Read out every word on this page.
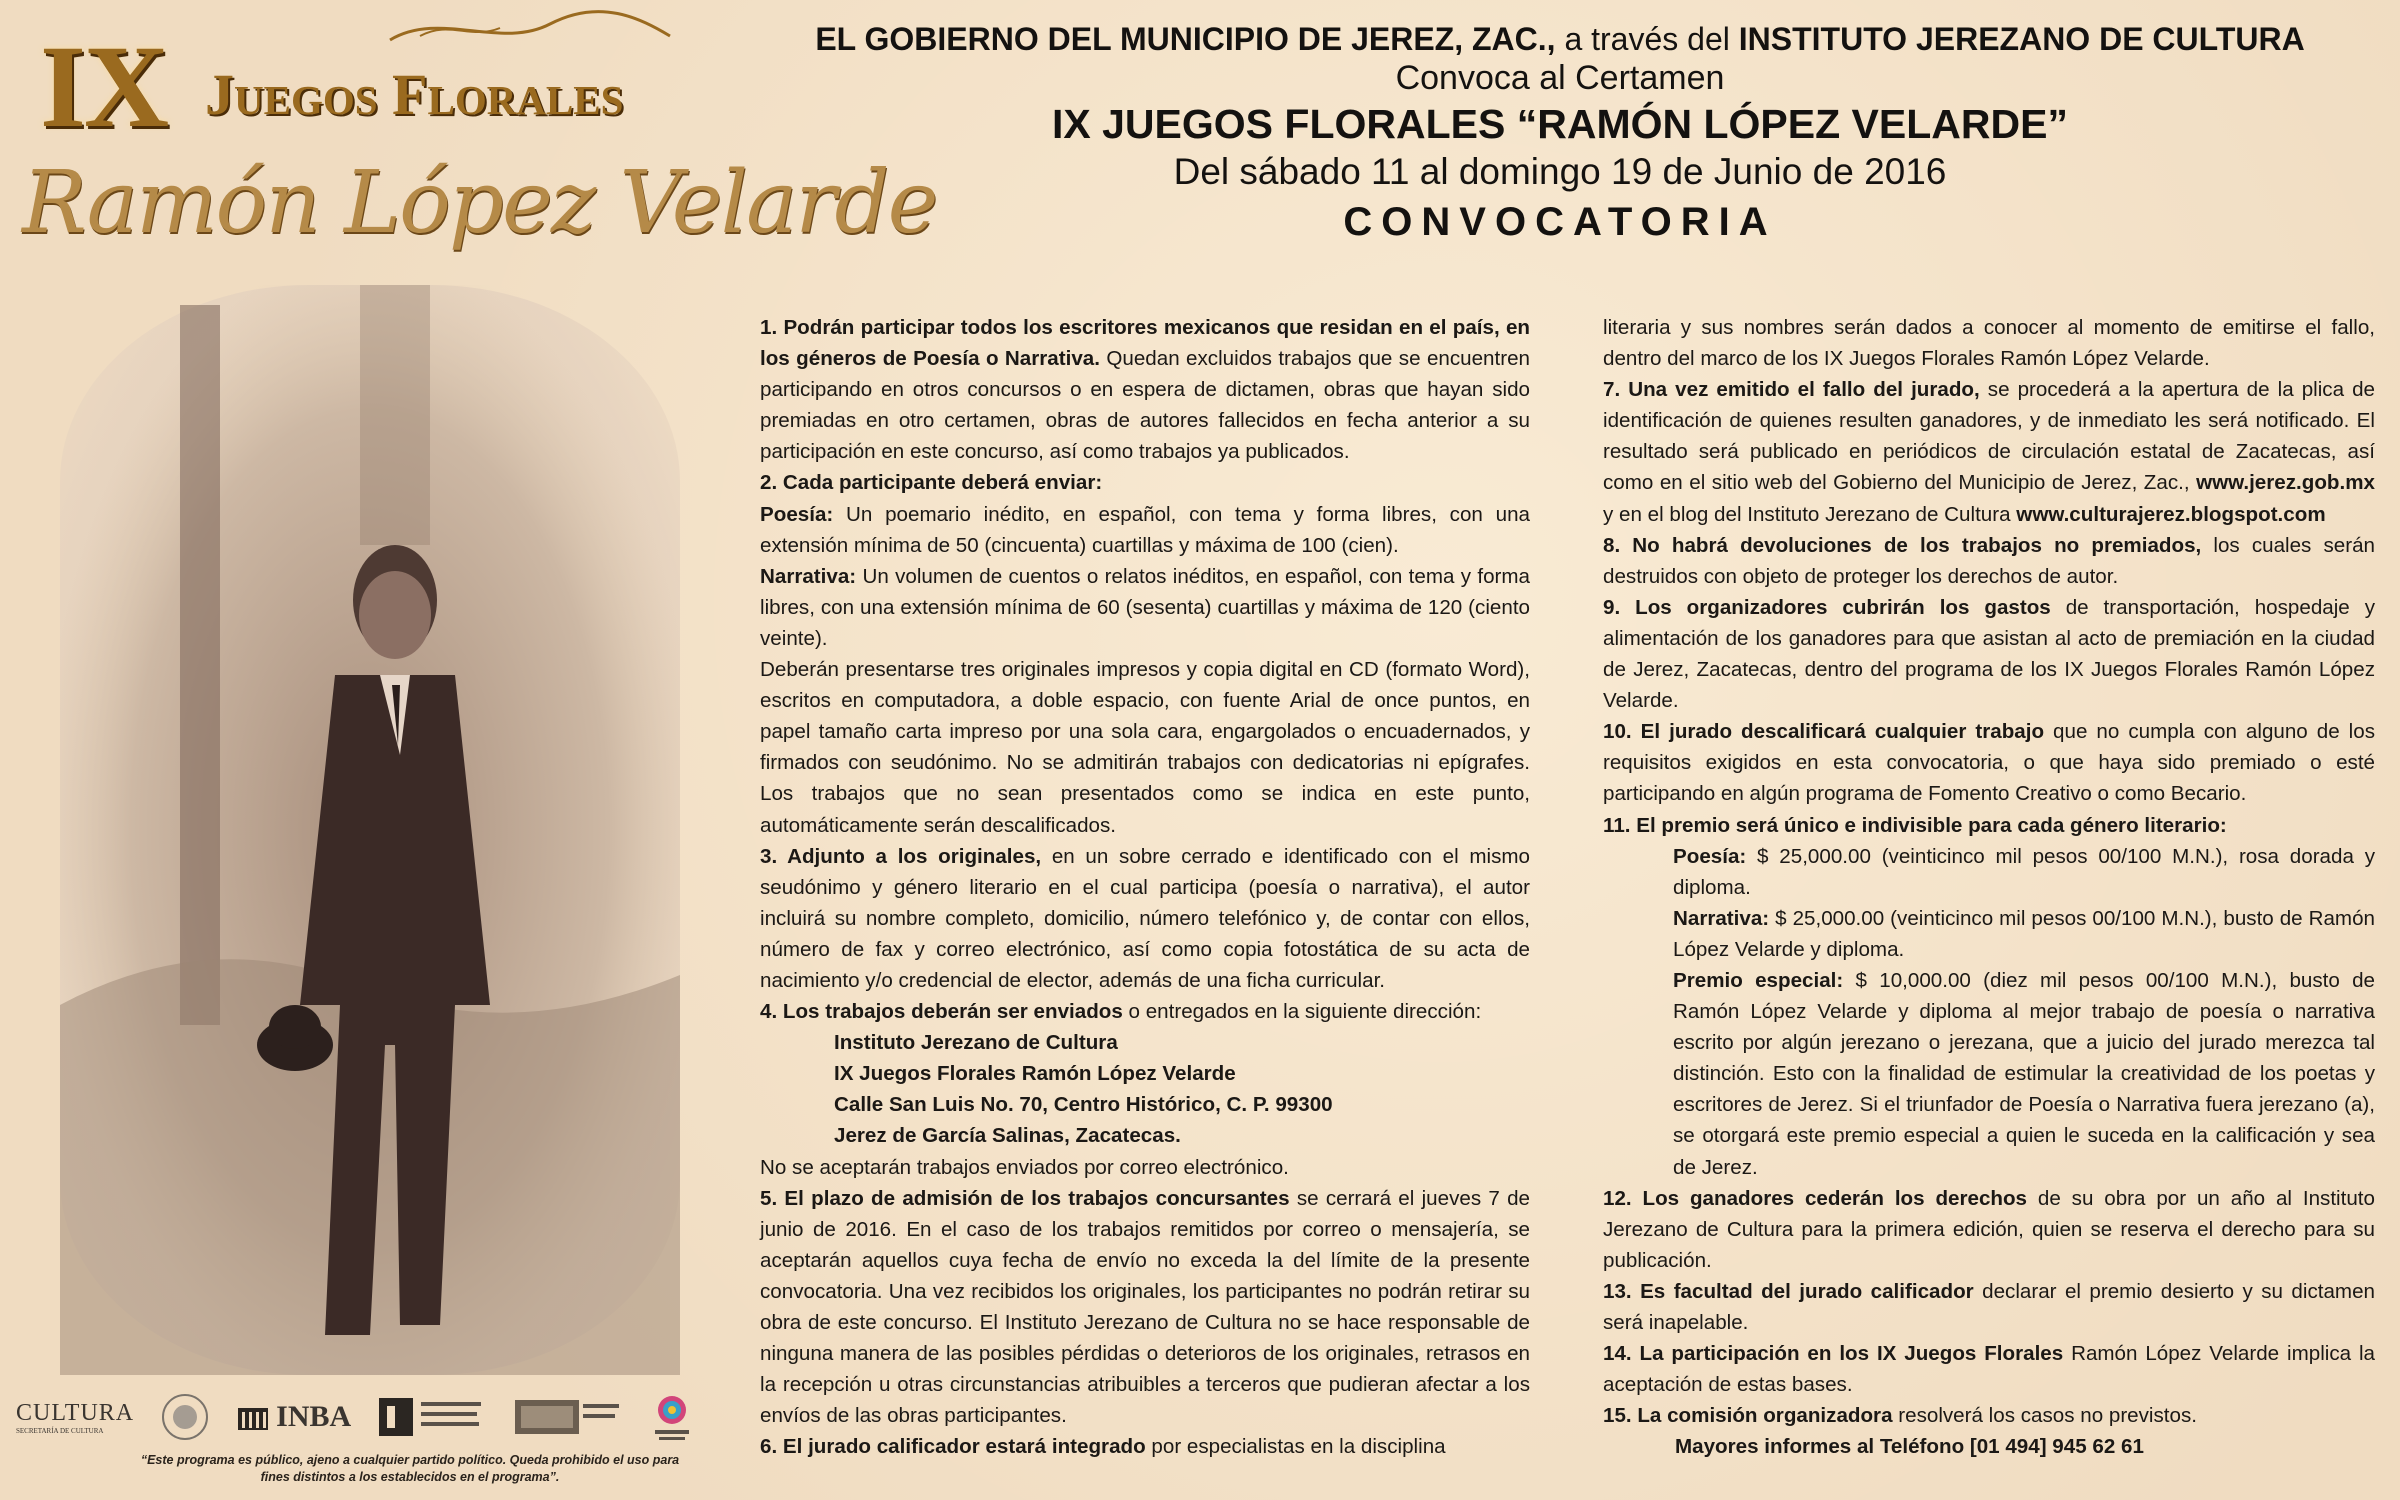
IX Juegos Florales
Ramón López Velarde
CULTURA
SECRETARÍA DE CULTURA	INBA
“Este programa es público, ajeno a cualquier partido político. Queda prohibido el uso para fines distintos a los establecidos en el programa”.
EL GOBIERNO DEL MUNICIPIO DE JEREZ, ZAC., a través del INSTITUTO JEREZANO DE CULTURA
Convoca al Certamen
IX JUEGOS FLORALES “RAMÓN LÓPEZ VELARDE”
Del sábado 11 al domingo 19 de Junio de 2016
CONVOCATORIA

1. Podrán participar todos los escritores mexicanos que residan en el país, en los géneros de Poesía o Narrativa. Quedan excluidos trabajos que se encuentren participando en otros concursos o en espera de dictamen, obras que hayan sido premiadas en otro certamen, obras de autores fallecidos en fecha anterior a su participación en este concurso, así como trabajos ya publicados.

2. Cada participante deberá enviar:

Poesía: Un poemario inédito, en español, con tema y forma libres, con una extensión mínima de 50 (cincuenta) cuartillas y máxima de 100 (cien).

Narrativa: Un volumen de cuentos o relatos inéditos, en español, con tema y forma libres, con una extensión mínima de 60 (sesenta) cuartillas y máxima de 120 (ciento veinte).

Deberán presentarse tres originales impresos y copia digital en CD (formato Word), escritos en computadora, a doble espacio, con fuente Arial de once puntos, en papel tamaño carta impreso por una sola cara, engargolados o encuadernados, y firmados con seudónimo. No se admitirán trabajos con dedicatorias ni epígrafes. Los trabajos que no sean presentados como se indica en este punto, automáticamente serán descalificados.

3. Adjunto a los originales, en un sobre cerrado e identificado con el mismo seudónimo y género literario en el cual participa (poesía o narrativa), el autor incluirá su nombre completo, domicilio, número telefónico y, de contar con ellos, número de fax y correo electrónico, así como copia fotostática de su acta de nacimiento y/o credencial de elector, además de una ficha curricular.

4. Los trabajos deberán ser enviados o entregados en la siguiente dirección:

Instituto Jerezano de Cultura

IX Juegos Florales Ramón López Velarde

Calle San Luis No. 70, Centro Histórico, C. P. 99300

Jerez de García Salinas, Zacatecas.

No se aceptarán trabajos enviados por correo electrónico.

5. El plazo de admisión de los trabajos concursantes se cerrará el jueves 7 de junio de 2016. En el caso de los trabajos remitidos por correo o mensajería, se aceptarán aquellos cuya fecha de envío no exceda la del límite de la presente convocatoria. Una vez recibidos los originales, los participantes no podrán retirar su obra de este concurso. El Instituto Jerezano de Cultura no se hace responsable de ninguna manera de las posibles pérdidas o deterioros de los originales, retrasos en la recepción u otras circunstancias atribuibles a terceros que pudieran afectar a los envíos de las obras participantes.

6. El jurado calificador estará integrado por especialistas en la disciplina

literaria y sus nombres serán dados a conocer al momento de emitirse el fallo, dentro del marco de los IX Juegos Florales Ramón López Velarde.

7. Una vez emitido el fallo del jurado, se procederá a la apertura de la plica de identificación de quienes resulten ganadores, y de inmediato les será notificado. El resultado será publicado en periódicos de circulación estatal de Zacatecas, así como en el sitio web del Gobierno del Municipio de Jerez, Zac., www.jerez.gob.mx y en el blog del Instituto Jerezano de Cultura www.culturajerez.blogspot.com

8. No habrá devoluciones de los trabajos no premiados, los cuales serán destruidos con objeto de proteger los derechos de autor.

9. Los organizadores cubrirán los gastos de transportación, hospedaje y alimentación de los ganadores para que asistan al acto de premiación en la ciudad de Jerez, Zacatecas, dentro del programa de los IX Juegos Florales Ramón López Velarde.

10. El jurado descalificará cualquier trabajo que no cumpla con alguno de los requisitos exigidos en esta convocatoria, o que haya sido premiado o esté participando en algún programa de Fomento Creativo o como Becario.

11. El premio será único e indivisible para cada género literario:

Poesía: $ 25,000.00 (veinticinco mil pesos 00/100 M.N.), rosa dorada y diploma.

Narrativa: $ 25,000.00 (veinticinco mil pesos 00/100 M.N.), busto de Ramón López Velarde y diploma.

Premio especial: $ 10,000.00 (diez mil pesos 00/100 M.N.), busto de Ramón López Velarde y diploma al mejor trabajo de poesía o narrativa escrito por algún jerezano o jerezana, que a juicio del jurado merezca tal distinción. Esto con la finalidad de estimular la creatividad de los poetas y escritores de Jerez. Si el triunfador de Poesía o Narrativa fuera jerezano (a), se otorgará este premio especial a quien le suceda en la calificación y sea de Jerez.

12. Los ganadores cederán los derechos de su obra por un año al Instituto Jerezano de Cultura para la primera edición, quien se reserva el derecho para su publicación.

13. Es facultad del jurado calificador declarar el premio desierto y su dictamen será inapelable.

14. La participación en los IX Juegos Florales Ramón López Velarde implica la aceptación de estas bases.

15. La comisión organizadora resolverá los casos no previstos.

Mayores informes al Teléfono [01 494] 945 62 61
